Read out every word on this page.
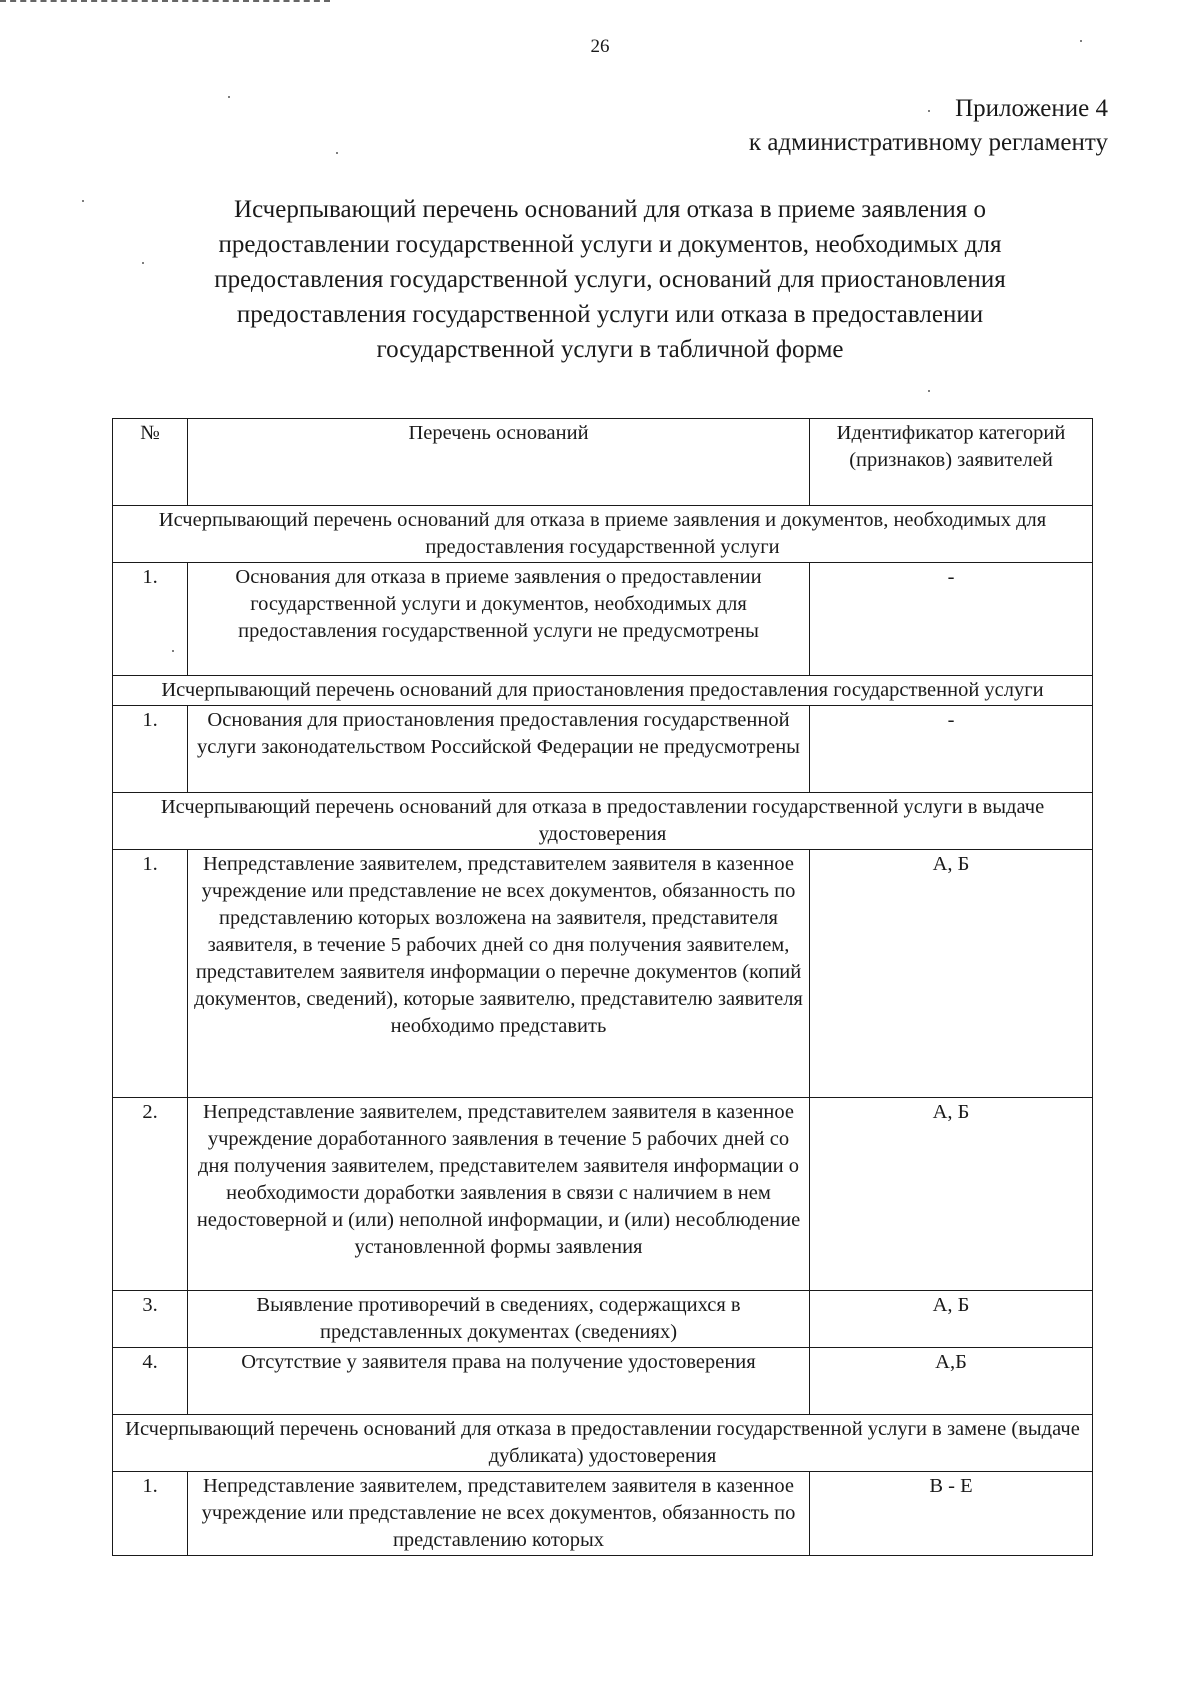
26
Приложение 4
к административному регламенту
Исчерпывающий перечень оснований для отказа в приеме заявления о
предоставлении государственной услуги и документов, необходимых для
предоставления государственной услуги, оснований для приостановления
предоставления государственной услуги или отказа в предоставлении
государственной услуги в табличной форме
№	Перечень оснований	Идентификатор категорий (признаков) заявителей
Исчерпывающий перечень оснований для отказа в приеме заявления и документов, необходимых для предоставления государственной услуги		
1.	Основания для отказа в приеме заявления о предоставлении государственной услуги и документов, необходимых для предоставления государственной услуги не предусмотрены	-
Исчерпывающий перечень оснований для приостановления предоставления государственной услуги		
1.	Основания для приостановления предоставления государственной услуги законодательством Российской Федерации не предусмотрены	-
Исчерпывающий перечень оснований для отказа в предоставлении государственной услуги в выдаче удостоверения		
1.	Непредставление заявителем, представителем заявителя в казенное учреждение или представление не всех документов, обязанность по представлению которых возложена на заявителя, представителя заявителя, в течение 5 рабочих дней со дня получения заявителем, представителем заявителя информации о перечне документов (копий документов, сведений), которые заявителю, представителю заявителя необходимо представить	А, Б
2.	Непредставление заявителем, представителем заявителя в казенное учреждение доработанного заявления в течение 5 рабочих дней со дня получения заявителем, представителем заявителя информации о необходимости доработки заявления в связи с наличием в нем недостоверной и (или) неполной информации, и (или) несоблюдение установленной формы заявления	А, Б
3.	Выявление противоречий в сведениях, содержащихся в представленных документах (сведениях)	А, Б
4.	Отсутствие у заявителя права на получение удостоверения	А,Б
Исчерпывающий перечень оснований для отказа в предоставлении государственной услуги в замене (выдаче дубликата) удостоверения		
1.	Непредставление заявителем, представителем заявителя в казенное учреждение или представление не всех документов, обязанность по представлению которых	В - Е
